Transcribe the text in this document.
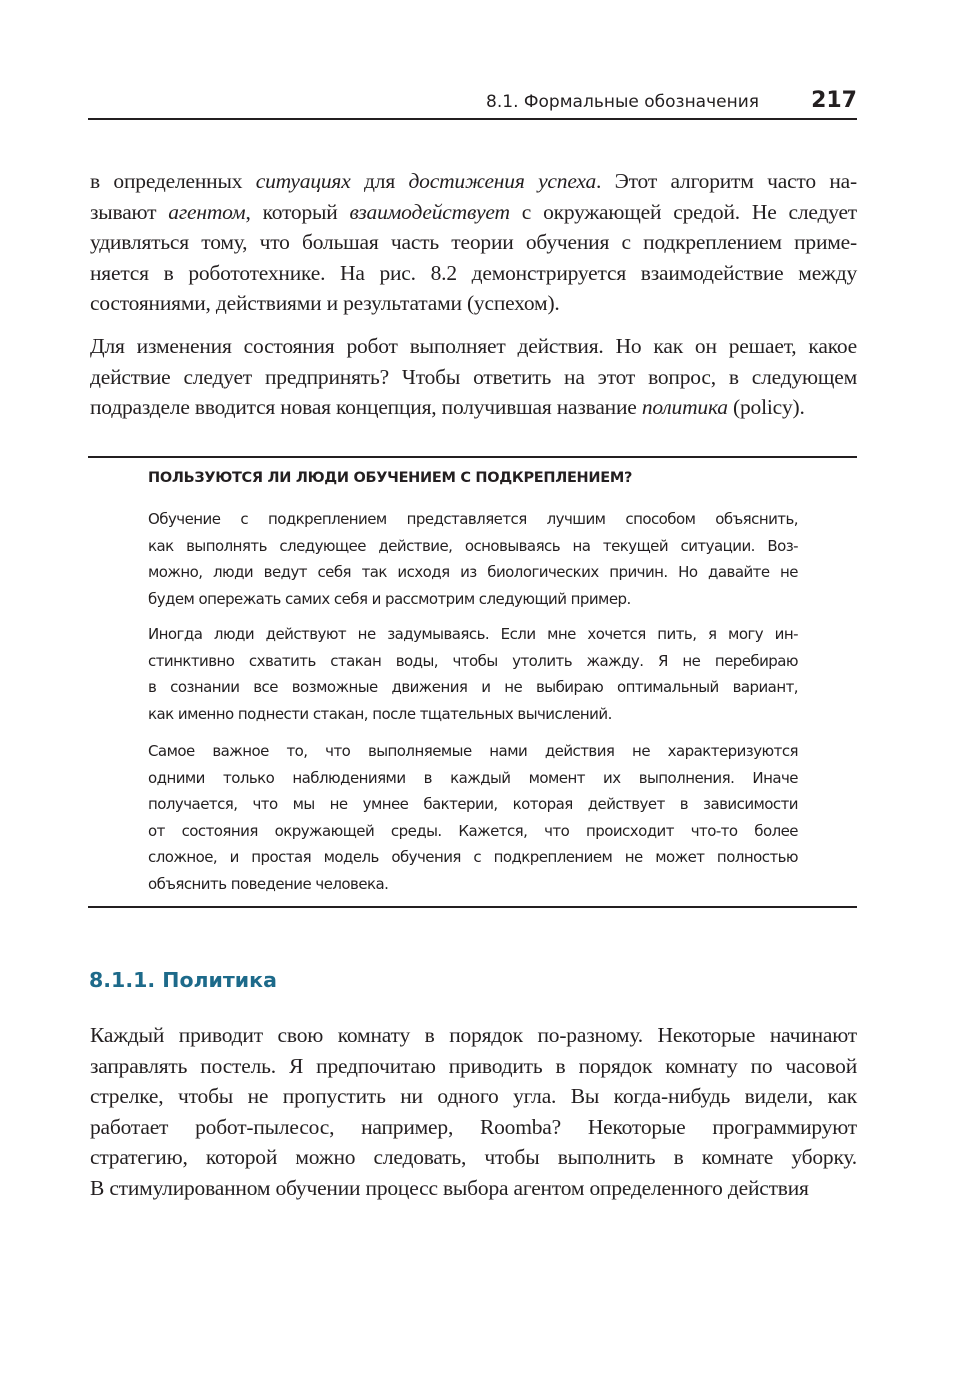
8.1. Формальные обозначения 217
в определенных ситуациях для достижения успеха. Этот алгоритм часто на-
зывают агентом, который взаимодействует с окружающей средой. Не следует
удивляться тому, что большая часть теории обучения с подкреплением приме-
няется в робототехнике. На рис. 8.2 демонстрируется взаимодействие между
состояниями, действиями и результатами (успехом).
Для изменения состояния робот выполняет действия. Но как он решает, какое
действие следует предпринять? Чтобы ответить на этот вопрос, в следующем
подразделе вводится новая концепция, получившая название политика (policy).
ПОЛЬЗУЮТСЯ ЛИ ЛЮДИ ОБУЧЕНИЕМ С ПОДКРЕПЛЕНИЕМ?
Обучение с подкреплением представляется лучшим способом объяснить,
как выполнять следующее действие, основываясь на текущей ситуации. Воз-
можно, люди ведут себя так исходя из биологических причин. Но давайте не
будем опережать самих себя и рассмотрим следующий пример.
Иногда люди действуют не задумываясь. Если мне хочется пить, я могу ин-
стинктивно схватить стакан воды, чтобы утолить жажду. Я не перебираю
в сознании все возможные движения и не выбираю оптимальный вариант,
как именно поднести стакан, после тщательных вычислений.
Самое важное то, что выполняемые нами действия не характеризуются
одними только наблюдениями в каждый момент их выполнения. Иначе
получается, что мы не умнее бактерии, которая действует в зависимости
от состояния окружающей среды. Кажется, что происходит что-то более
сложное, и простая модель обучения с подкреплением не может полностью
объяснить поведение человека.
8.1.1. Политика
Каждый приводит свою комнату в порядок по-разному. Некоторые начинают
заправлять постель. Я предпочитаю приводить в порядок комнату по часовой
стрелке, чтобы не пропустить ни одного угла. Вы когда-нибудь видели, как
работает робот-пылесос, например, Roomba? Некоторые программируют
стратегию, которой можно следовать, чтобы выполнить в комнате уборку.
В стимулированном обучении процесс выбора агентом определенного действия
